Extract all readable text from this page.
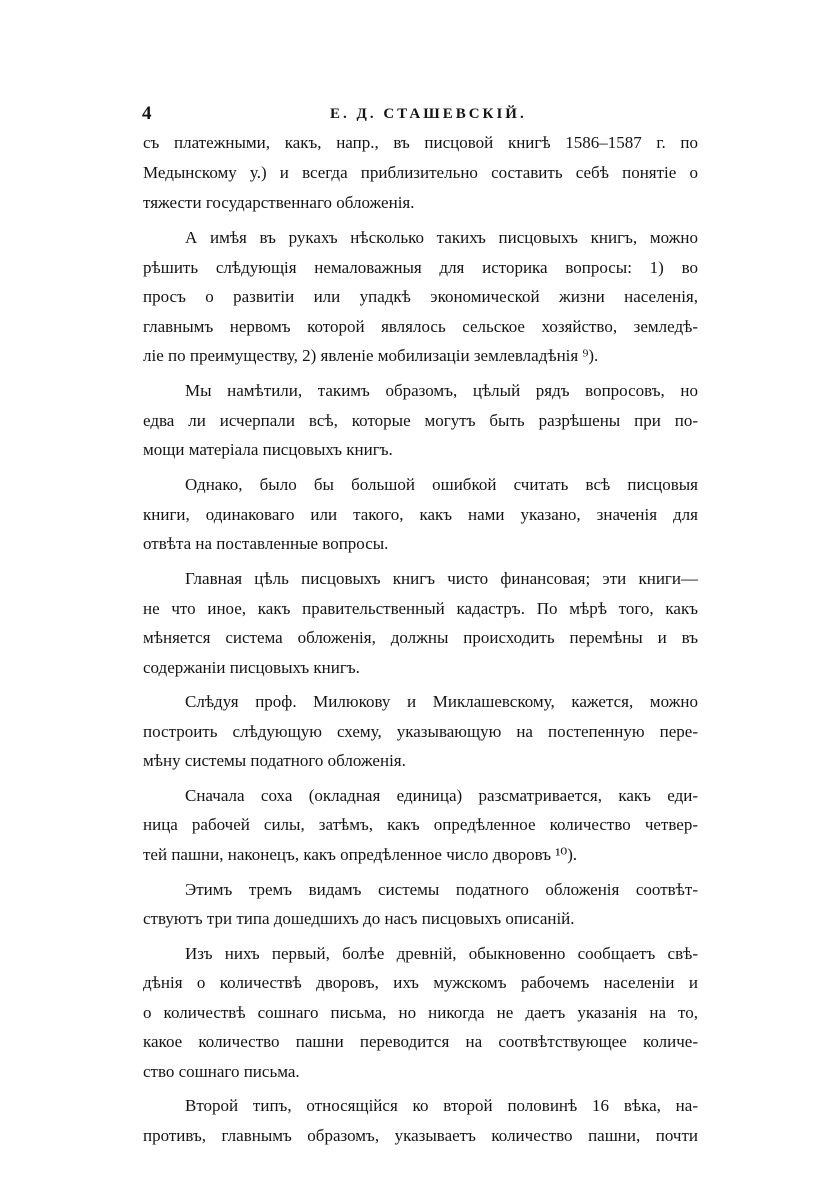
4	Е. Д. СТАШЕВСКІЙ.
съ платежными, какъ, напр., въ писцовой книгѣ 1586–1587 г. по
Медынскому у.) и всегда приблизительно составить себѣ понятіе о
тяжести государственнаго обложенія.
А имѣя въ рукахъ нѣсколько такихъ писцовыхъ книгъ, можно
рѣшить слѣдующія немаловажныя для историка вопросы: 1) во
просъ о развитіи или упадкѣ экономической жизни населенія,
главнымъ нервомъ которой являлось сельское хозяйство, земледѣ-
ліе по преимуществу, 2) явленіе мобилизаціи землевладѣнія ⁹).
Мы намѣтили, такимъ образомъ, цѣлый рядъ вопросовъ, но
едва ли исчерпали всѣ, которые могутъ быть разрѣшены при по-
мощи матеріала писцовыхъ книгъ.
Однако, было бы большой ошибкой считать всѣ писцовыя
книги, одинаковаго или такого, какъ нами указано, значенія для
отвѣта на поставленные вопросы.
Главная цѣль писцовыхъ книгъ чисто финансовая; эти книги—
не что иное, какъ правительственный кадастръ. По мѣрѣ того, какъ
мѣняется система обложенія, должны происходить перемѣны и въ
содержаніи писцовыхъ книгъ.
Слѣдуя проф. Милюкову и Миклашевскому, кажется, можно
построить слѣдующую схему, указывающую на постепенную пере-
мѣну системы податного обложенія.
Сначала соха (окладная единица) разсматривается, какъ еди-
ница рабочей силы, затѣмъ, какъ опредѣленное количество четвер-
тей пашни, наконецъ, какъ опредѣленное число дворовъ ¹⁰).
Этимъ тремъ видамъ системы податного обложенія соотвѣт-
ствуютъ три типа дошедшихъ до насъ писцовыхъ описаній.
Изъ нихъ первый, болѣе древній, обыкновенно сообщаетъ свѣ-
дѣнія о количествѣ дворовъ, ихъ мужскомъ рабочемъ населеніи и
о количествѣ сошнаго письма, но никогда не даетъ указанія на то,
какое количество пашни переводится на соотвѣтствующее количе-
ство сошнаго письма.
Второй типъ, относящійся ко второй половинѣ 16 вѣка, на-
противъ, главнымъ образомъ, указываетъ количество пашни, почти
